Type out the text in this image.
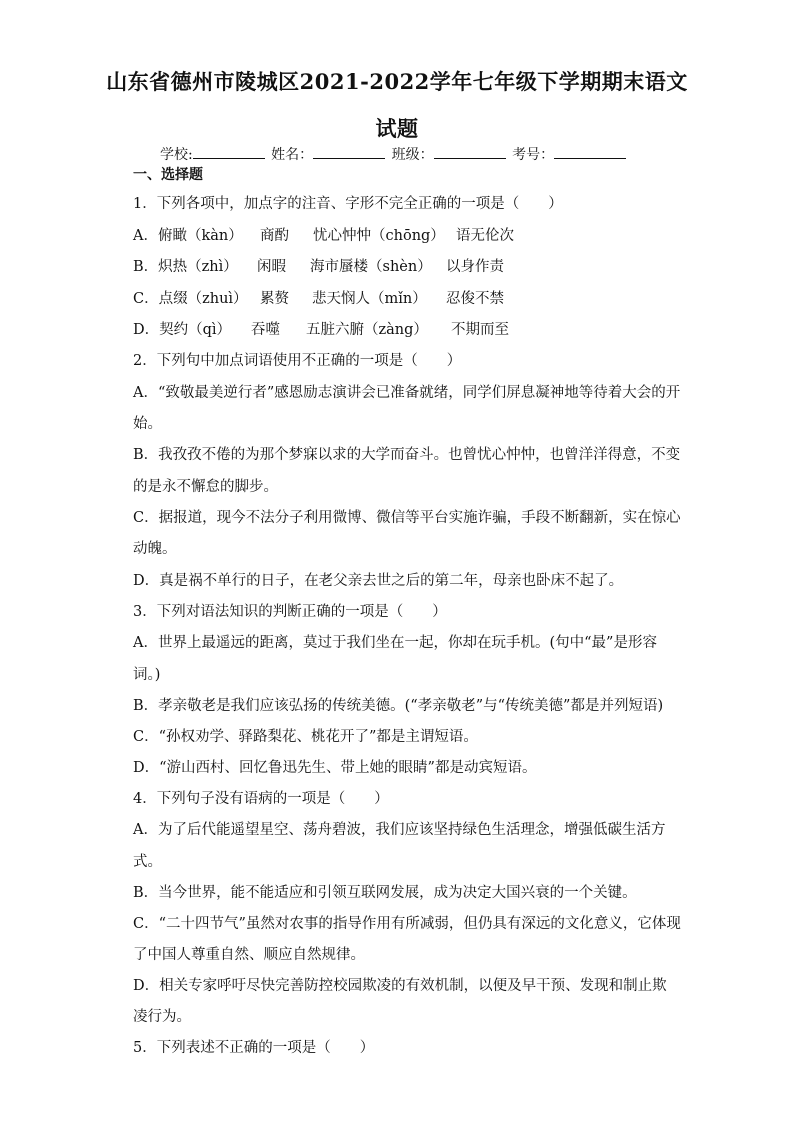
山东省德州市陵城区2021-2022学年七年级下学期期末语文
试题
学校:	姓名：	班级：	考号：
一、选择题
1．下列各项中，加点字的注音、字形不完全正确的一项是（　　）
A．俯瞰（kàn） 商酌 忧心忡忡（chōng） 语无伦次
B．炽热（zhì） 闲暇 海市蜃楼（shèn） 以身作责
C．点缀（zhuì） 累赘 悲天悯人（mǐn） 忍俊不禁
D．契约（qì） 吞噬 五脏六腑（zàng） 不期而至
2．下列句中加点词语使用不正确的一项是（　　）
A．“致敬最美逆行者”感恩励志演讲会已准备就绪，同学们屏息凝神地等待着大会的开
始。
B．我孜孜不倦的为那个梦寐以求的大学而奋斗。也曾忧心忡忡，也曾洋洋得意，不变
的是永不懈怠的脚步。
C．据报道，现今不法分子利用微博、微信等平台实施诈骗，手段不断翻新，实在惊心
动魄。
D．真是祸不单行的日子，在老父亲去世之后的第二年，母亲也卧床不起了。
3．下列对语法知识的判断正确的一项是（　　）
A．世界上最遥远的距离，莫过于我们坐在一起，你却在玩手机。(句中“最”是形容
词。)
B．孝亲敬老是我们应该弘扬的传统美德。(“孝亲敬老”与“传统美德”都是并列短语)
C．“孙权劝学、驿路梨花、桃花开了”都是主谓短语。
D．“游山西村、回忆鲁迅先生、带上她的眼睛”都是动宾短语。
4．下列句子没有语病的一项是（　　）
A．为了后代能遥望星空、荡舟碧波，我们应该坚持绿色生活理念，增强低碳生活方
式。
B．当今世界，能不能适应和引领互联网发展，成为决定大国兴衰的一个关键。
C．“二十四节气”虽然对农事的指导作用有所减弱，但仍具有深远的文化意义，它体现
了中国人尊重自然、顺应自然规律。
D．相关专家呼吁尽快完善防控校园欺凌的有效机制，以便及早干预、发现和制止欺
凌行为。
5．下列表述不正确的一项是（　　）
